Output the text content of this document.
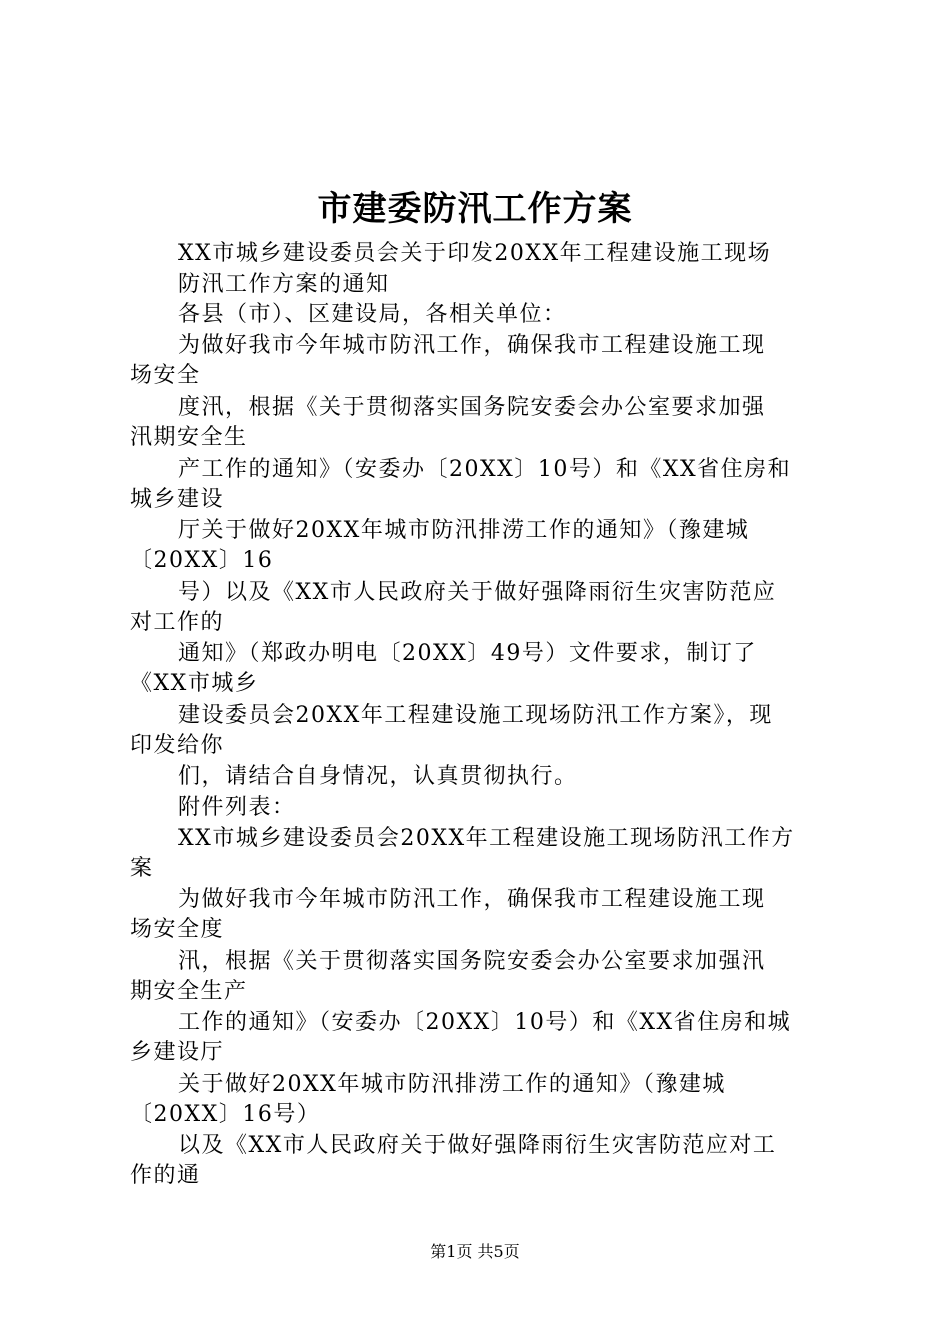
市建委防汛工作方案
XX市城乡建设委员会关于印发20XX年工程建设施工现场
防汛工作方案的通知
各县（市）、区建设局，各相关单位：
为做好我市今年城市防汛工作，确保我市工程建设施工现
场安全
度汛，根据《关于贯彻落实国务院安委会办公室要求加强
汛期安全生
产工作的通知》（安委办〔20XX〕10号）和《XX省住房和
城乡建设
厅关于做好20XX年城市防汛排涝工作的通知》（豫建城
〔20XX〕16
号）以及《XX市人民政府关于做好强降雨衍生灾害防范应
对工作的
通知》（郑政办明电〔20XX〕49号）文件要求，制订了
《XX市城乡
建设委员会20XX年工程建设施工现场防汛工作方案》，现
印发给你
们，请结合自身情况，认真贯彻执行。
附件列表：
XX市城乡建设委员会20XX年工程建设施工现场防汛工作方
案
为做好我市今年城市防汛工作，确保我市工程建设施工现
场安全度
汛，根据《关于贯彻落实国务院安委会办公室要求加强汛
期安全生产
工作的通知》（安委办〔20XX〕10号）和《XX省住房和城
乡建设厅
关于做好20XX年城市防汛排涝工作的通知》（豫建城
〔20XX〕16号）
以及《XX市人民政府关于做好强降雨衍生灾害防范应对工
作的通
第1页 共5页
